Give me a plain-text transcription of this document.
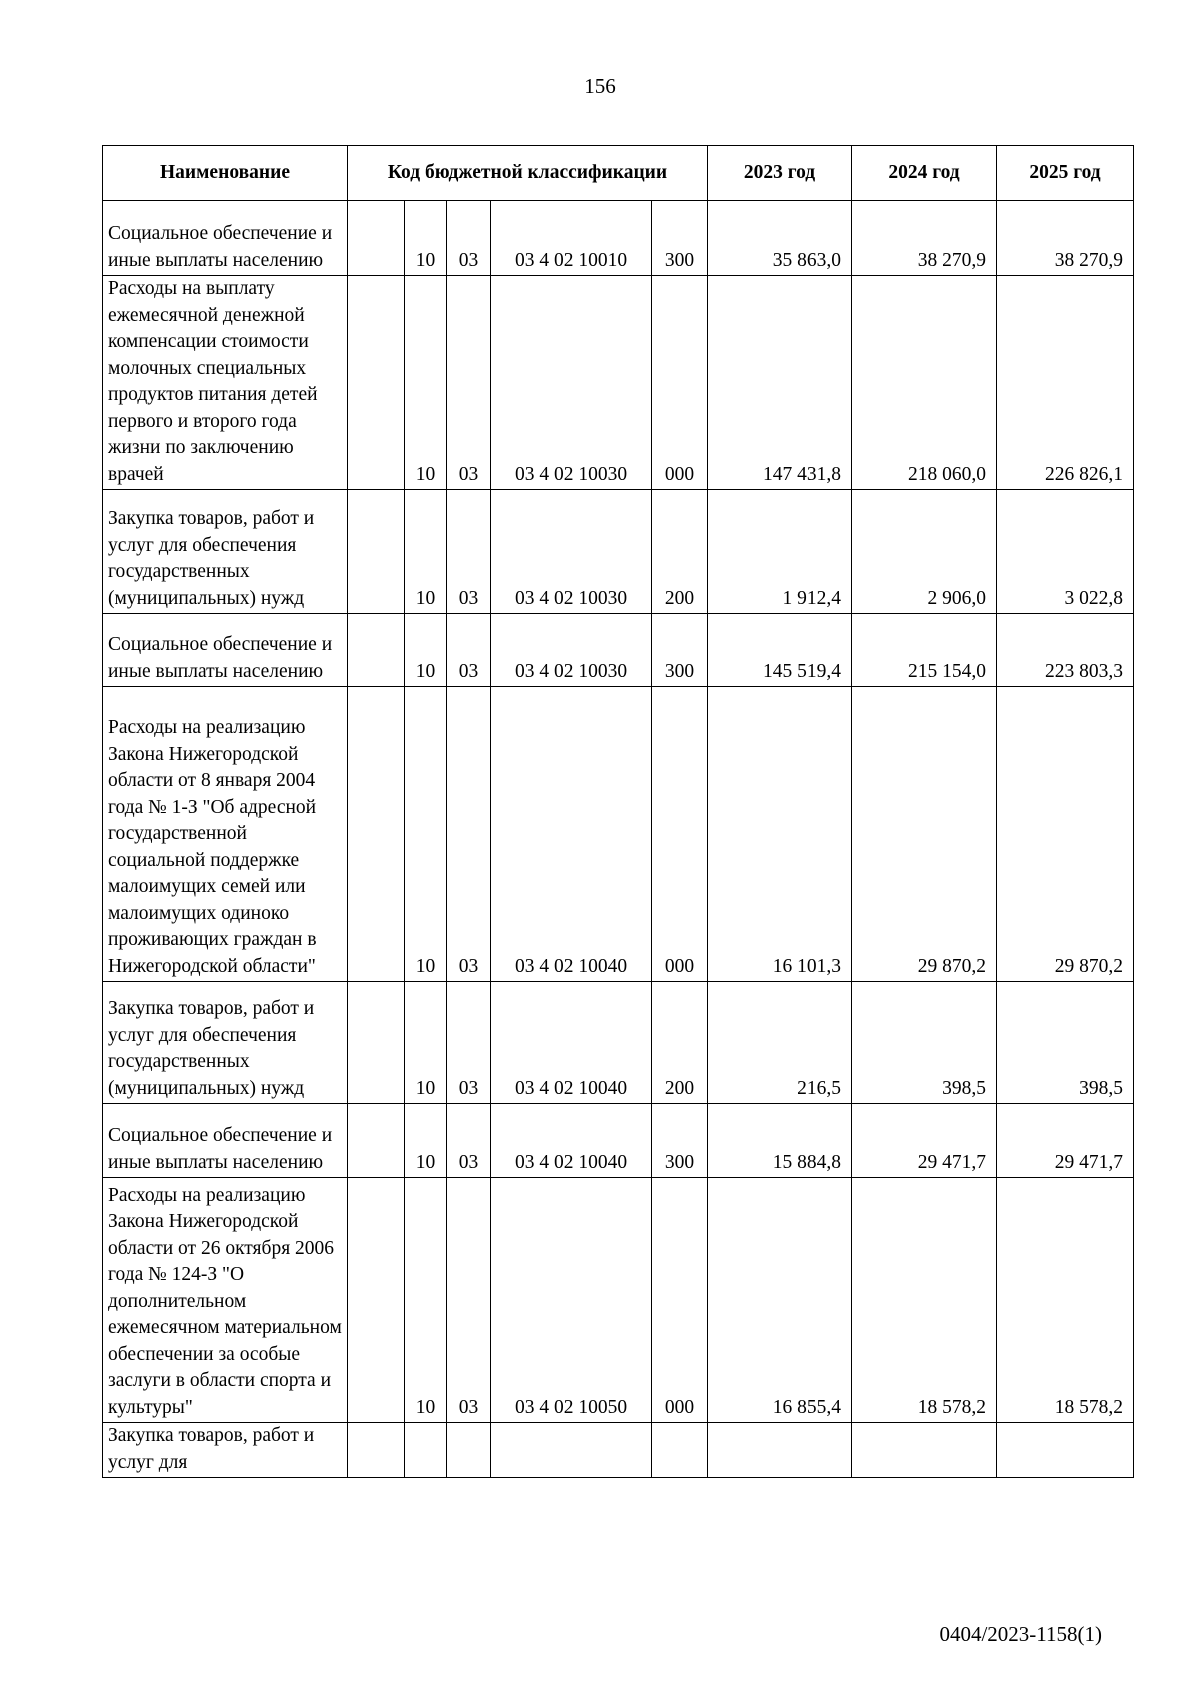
156
Наименование	Код бюджетной классификации					2023 год	2024 год	2025 год
Социальное обеспечение и иные выплаты населению		10	03	03 4 02 10010	300	35 863,0	38 270,9	38 270,9
Расходы на выплату ежемесячной денежной компенсации стоимости молочных специальных продуктов питания детей первого и второго года жизни по заключению врачей		10	03	03 4 02 10030	000	147 431,8	218 060,0	226 826,1
Закупка товаров, работ и услуг для обеспечения государственных (муниципальных) нужд		10	03	03 4 02 10030	200	1 912,4	2 906,0	3 022,8
Социальное обеспечение и иные выплаты населению		10	03	03 4 02 10030	300	145 519,4	215 154,0	223 803,3
Расходы на реализацию Закона Нижегородской области от 8 января 2004 года № 1-З "Об адресной государственной социальной поддержке малоимущих семей или малоимущих одиноко проживающих граждан в Нижегородской области"		10	03	03 4 02 10040	000	16 101,3	29 870,2	29 870,2
Закупка товаров, работ и услуг для обеспечения государственных (муниципальных) нужд		10	03	03 4 02 10040	200	216,5	398,5	398,5
Социальное обеспечение и иные выплаты населению		10	03	03 4 02 10040	300	15 884,8	29 471,7	29 471,7
Расходы на реализацию Закона Нижегородской области от 26 октября 2006 года № 124-З "О дополнительном ежемесячном материальном обеспечении за особые заслуги в области спорта и культуры"		10	03	03 4 02 10050	000	16 855,4	18 578,2	18 578,2
Закупка товаров, работ и услуг для								
0404/2023-1158(1)
